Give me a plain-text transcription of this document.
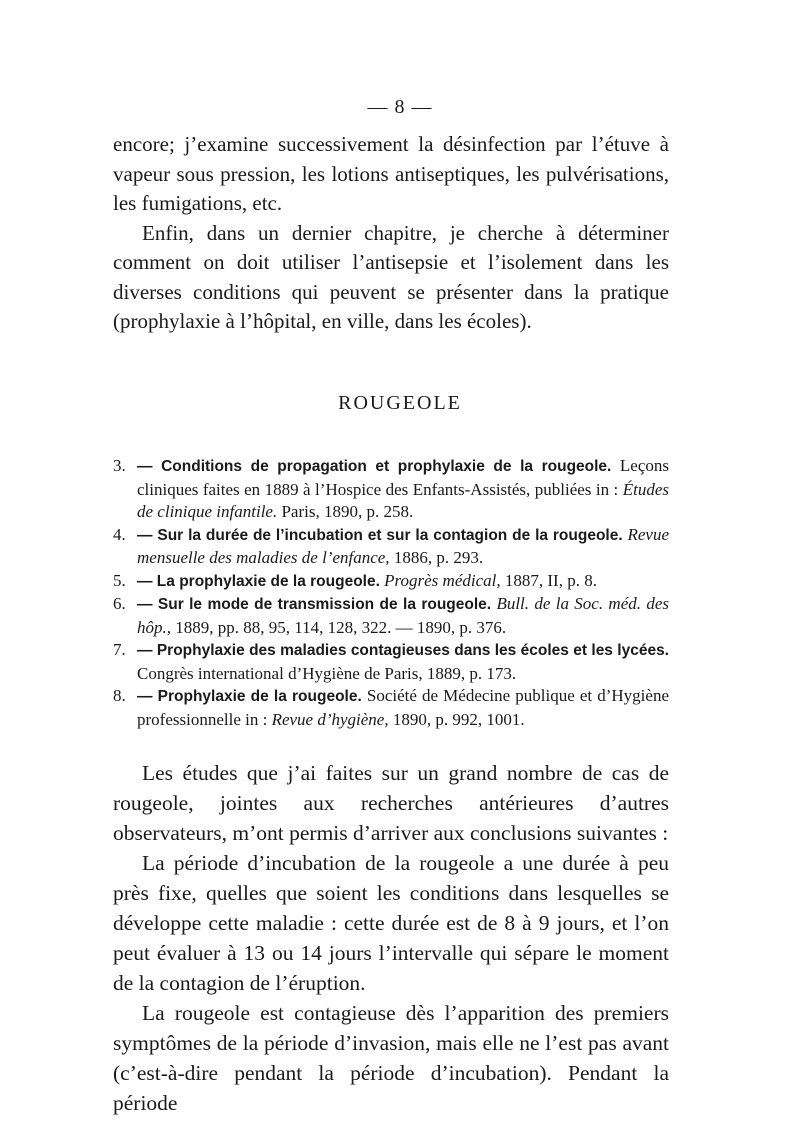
— 8 —

encore; j’examine successivement la désinfection par l’étuve à vapeur sous pression, les lotions antiseptiques, les pulvérisations, les fumigations, etc.

Enfin, dans un dernier chapitre, je cherche à déterminer comment on doit utiliser l’antisepsie et l’isolement dans les diverses conditions qui peuvent se présenter dans la pratique (prophylaxie à l’hôpital, en ville, dans les écoles).

ROUGEOLE
3. — Conditions de propagation et prophylaxie de la rougeole. Leçons cliniques faites en 1889 à l’Hospice des Enfants-Assistés, publiées in : Études de clinique infantile. Paris, 1890, p. 258.
4. — Sur la durée de l’incubation et sur la contagion de la rougeole. Revue mensuelle des maladies de l’enfance, 1886, p. 293.
5. — La prophylaxie de la rougeole. Progrès médical, 1887, II, p. 8.
6. — Sur le mode de transmission de la rougeole. Bull. de la Soc. méd. des hôp., 1889, pp. 88, 95, 114, 128, 322. — 1890, p. 376.
7. — Prophylaxie des maladies contagieuses dans les écoles et les lycées. Congrès international d’Hygiène de Paris, 1889, p. 173.
8. — Prophylaxie de la rougeole. Société de Médecine publique et d’Hygiène professionnelle in : Revue d’hygiène, 1890, p. 992, 1001.

Les études que j’ai faites sur un grand nombre de cas de rougeole, jointes aux recherches antérieures d’autres observateurs, m’ont permis d’arriver aux conclusions suivantes :

La période d’incubation de la rougeole a une durée à peu près fixe, quelles que soient les conditions dans lesquelles se développe cette maladie : cette durée est de 8 à 9 jours, et l’on peut évaluer à 13 ou 14 jours l’intervalle qui sépare le moment de la contagion de l’éruption.

La rougeole est contagieuse dès l’apparition des premiers symptômes de la période d’invasion, mais elle ne l’est pas avant (c’est-à-dire pendant la période d’incubation). Pendant la période
